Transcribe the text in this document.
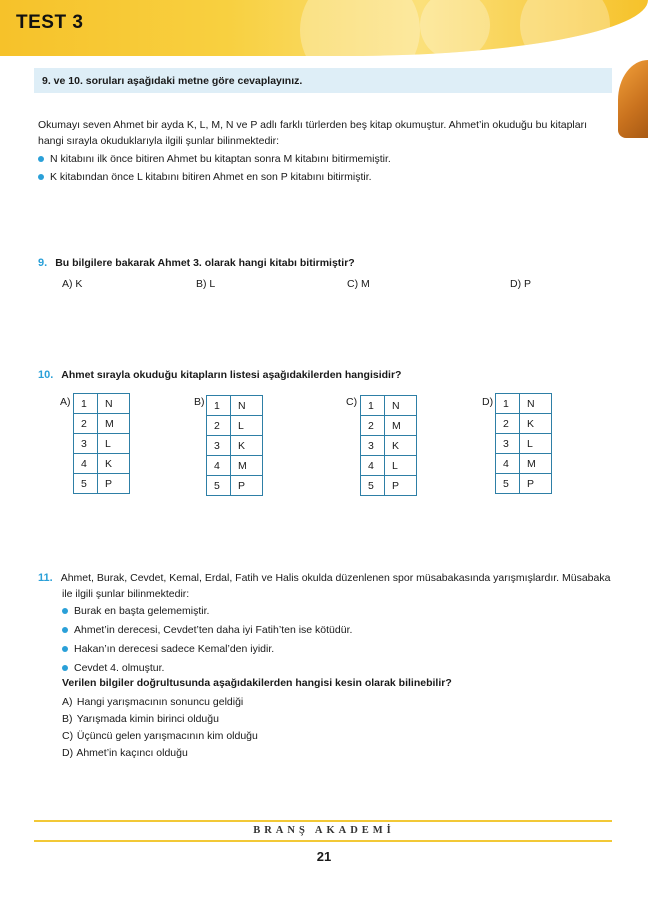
TEST 3
9. ve 10. soruları aşağıdaki metne göre cevaplayınız.
Okumayı seven Ahmet bir ayda K, L, M, N ve P adlı farklı türlerden beş kitap okumuştur. Ahmet’in okuduğu bu kitapları
hangi sırayla okuduklarıyla ilgili şunlar bilinmektedir:
N kitabını ilk önce bitiren Ahmet bu kitaptan sonra M kitabını bitirmemiştir.
K kitabından önce L kitabını bitiren Ahmet en son P kitabını bitirmiştir.
9. Bu bilgilere bakarak Ahmet 3. olarak hangi kitabı bitirmiştir?
A) K	B) L	C) M	D) P
10. Ahmet sırayla okuduğu kitapların listesi aşağıdakilerden hangisidir?
A) 1	N
2	M
3	L
4	K
5	P
B) 1	N
2	L
3	K
4	M
5	P
C) 1	N
2	M
3	K
4	L
5	P
D) 1	N
2	K
3	L
4	M
5	P
11. Ahmet, Burak, Cevdet, Kemal, Erdal, Fatih ve Halis okulda düzenlenen spor müsabakasında yarışmışlardır. Müsabaka
ile ilgili şunlar bilinmektedir:
Burak en başta gelememiştir.
Ahmet’in derecesi, Cevdet’ten daha iyi Fatih’ten ise kötüdür.
Hakan’ın derecesi sadece Kemal’den iyidir.
Cevdet 4. olmuştur.
Verilen bilgiler doğrultusunda aşağıdakilerden hangisi kesin olarak bilinebilir?
A) Hangi yarışmacının sonuncu geldiği
B) Yarışmada kimin birinci olduğu
C) Üçüncü gelen yarışmacının kim olduğu
D) Ahmet’in kaçıncı olduğu
BRANŞ AKADEMİ
21
